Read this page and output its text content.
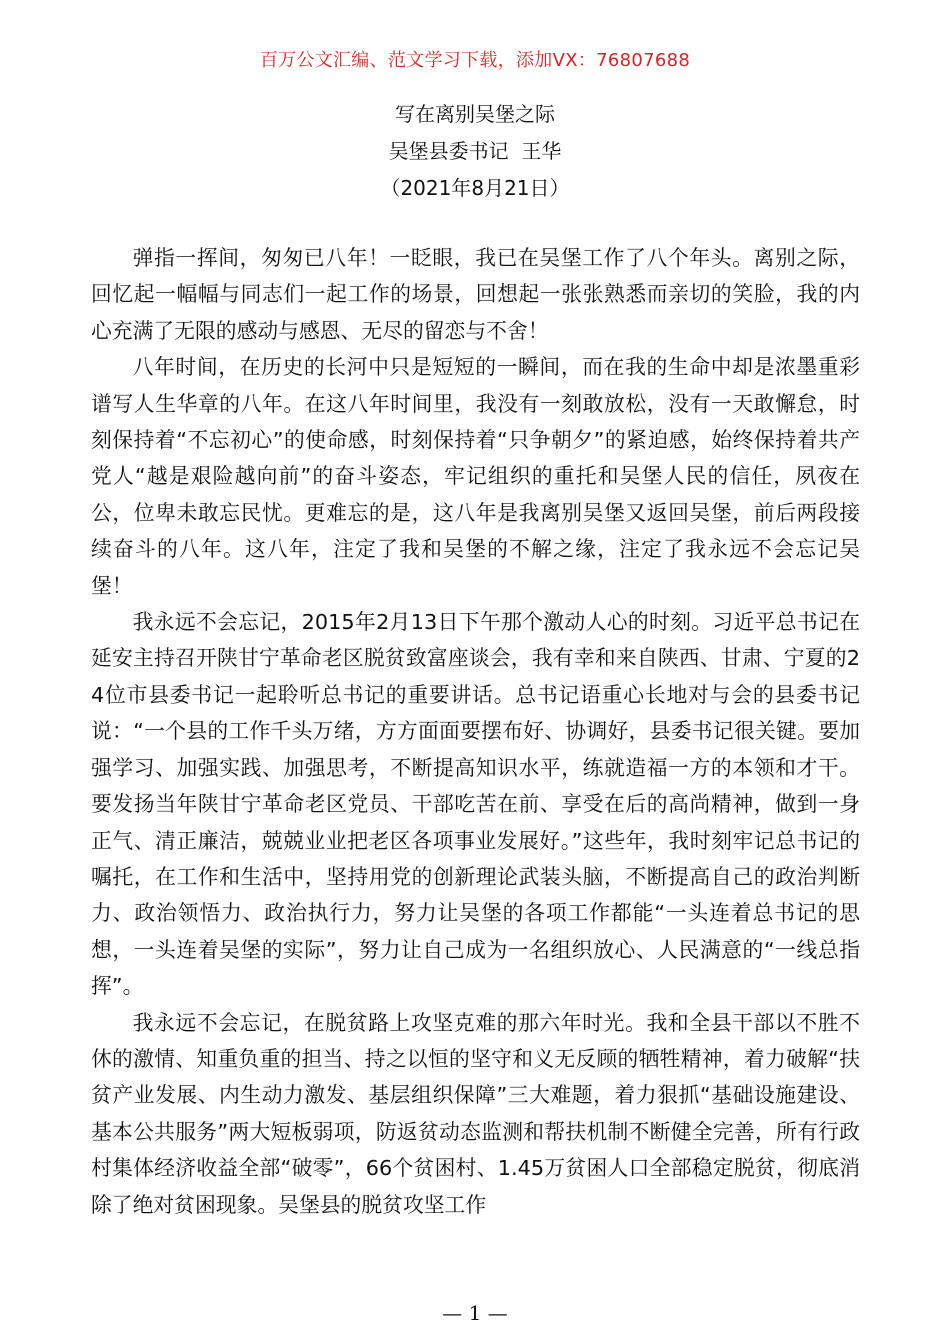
百万公文汇编、范文学习下载，添加VX：76807688
写在离别吴堡之际
吴堡县委书记  王华
（2021年8月21日）

弹指一挥间，匆匆已八年！一眨眼，我已在吴堡工作了八个年头。离别之际，回忆起一幅幅与同志们一起工作的场景，回想起一张张熟悉而亲切的笑脸，我的内心充满了无限的感动与感恩、无尽的留恋与不舍！

八年时间，在历史的长河中只是短短的一瞬间，而在我的生命中却是浓墨重彩谱写人生华章的八年。在这八年时间里，我没有一刻敢放松，没有一天敢懈怠，时刻保持着“不忘初心”的使命感，时刻保持着“只争朝夕”的紧迫感，始终保持着共产党人“越是艰险越向前”的奋斗姿态，牢记组织的重托和吴堡人民的信任，夙夜在公，位卑未敢忘民忧。更难忘的是，这八年是我离别吴堡又返回吴堡，前后两段接续奋斗的八年。这八年，注定了我和吴堡的不解之缘，注定了我永远不会忘记吴堡！

我永远不会忘记，2015年2月13日下午那个激动人心的时刻。习近平总书记在延安主持召开陕甘宁革命老区脱贫致富座谈会，我有幸和来自陕西、甘肃、宁夏的24位市县委书记一起聆听总书记的重要讲话。总书记语重心长地对与会的县委书记说：“一个县的工作千头万绪，方方面面要摆布好、协调好，县委书记很关键。要加强学习、加强实践、加强思考，不断提高知识水平，练就造福一方的本领和才干。要发扬当年陕甘宁革命老区党员、干部吃苦在前、享受在后的高尚精神，做到一身正气、清正廉洁，兢兢业业把老区各项事业发展好。”这些年，我时刻牢记总书记的嘱托，在工作和生活中，坚持用党的创新理论武装头脑，不断提高自己的政治判断力、政治领悟力、政治执行力，努力让吴堡的各项工作都能“一头连着总书记的思想，一头连着吴堡的实际”，努力让自己成为一名组织放心、人民满意的“一线总指挥”。

我永远不会忘记，在脱贫路上攻坚克难的那六年时光。我和全县干部以不胜不休的激情、知重负重的担当、持之以恒的坚守和义无反顾的牺牲精神，着力破解“扶贫产业发展、内生动力激发、基层组织保障”三大难题，着力狠抓“基础设施建设、基本公共服务”两大短板弱项，防返贫动态监测和帮扶机制不断健全完善，所有行政村集体经济收益全部“破零”，66个贫困村、1.45万贫困人口全部稳定脱贫，彻底消除了绝对贫困现象。吴堡县的脱贫攻坚工作

— 1 —
